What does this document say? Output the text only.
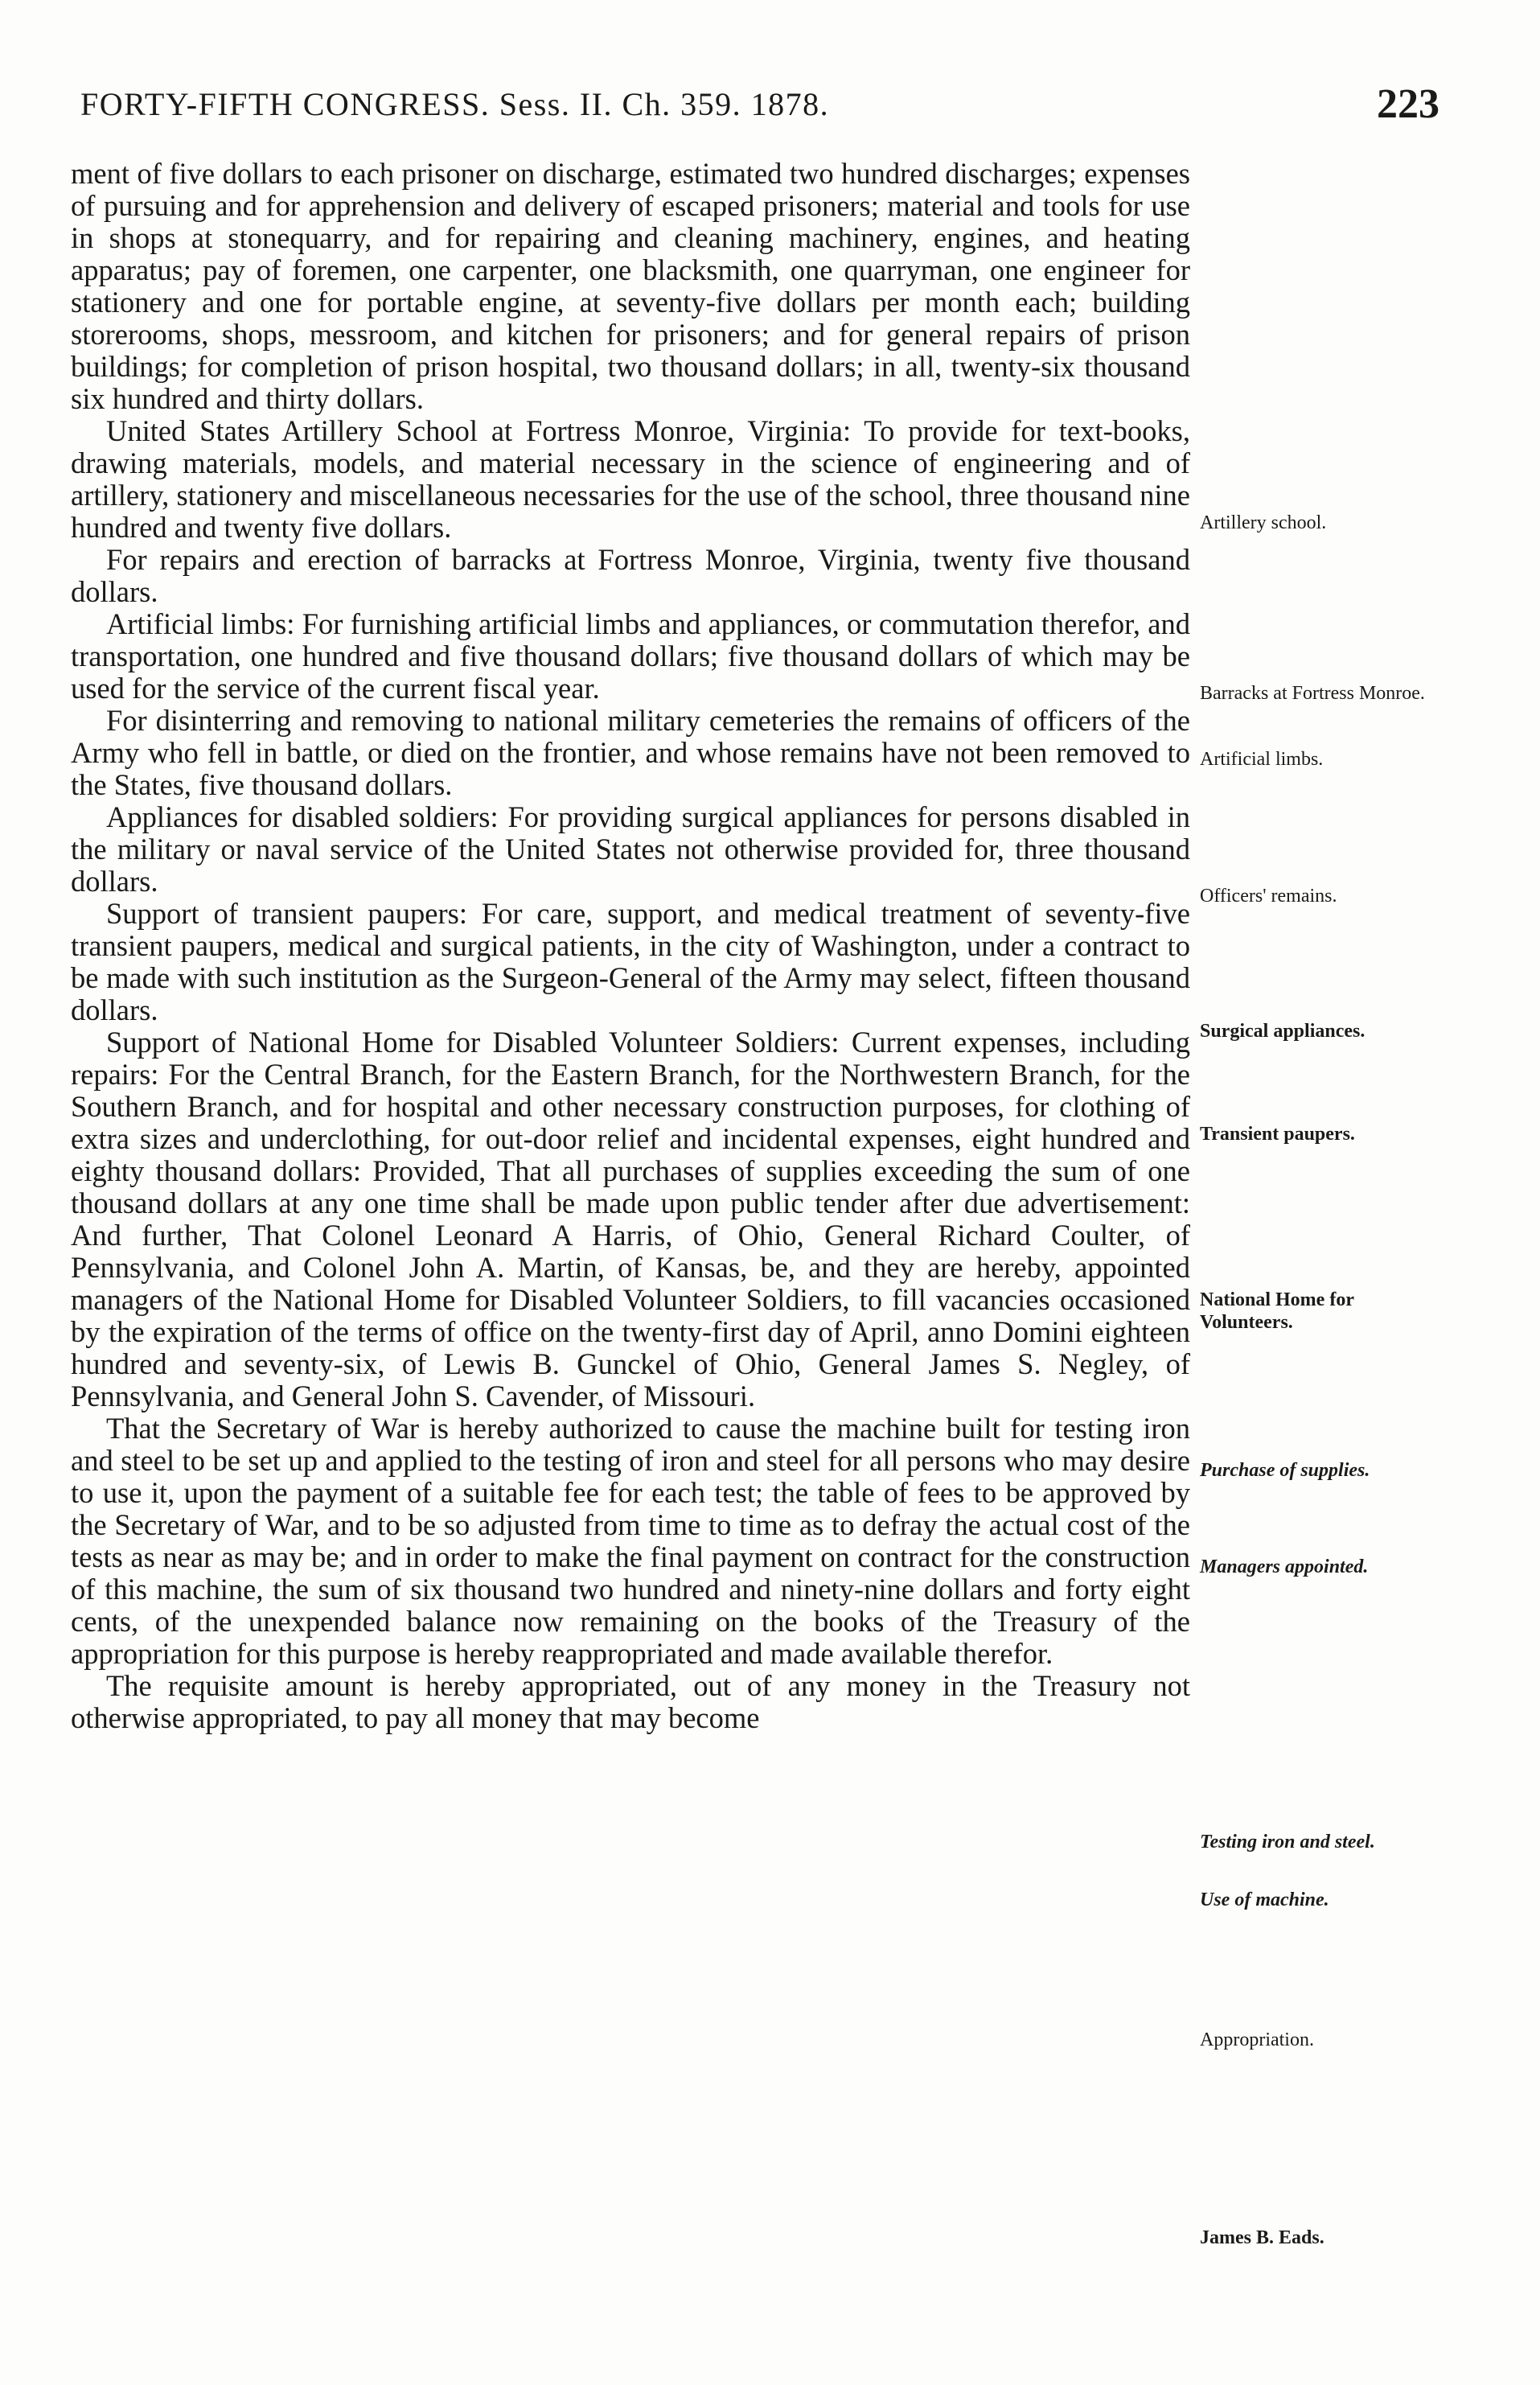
FORTY-FIFTH CONGRESS. Sess. II. Ch. 359. 1878.	223

ment of five dollars to each prisoner on discharge, estimated two hundred discharges; expenses of pursuing and for apprehension and delivery of escaped prisoners; material and tools for use in shops at stonequarry, and for repairing and cleaning machinery, engines, and heating apparatus; pay of foremen, one carpenter, one blacksmith, one quarryman, one engineer for stationery and one for portable engine, at seventy-five dollars per month each; building storerooms, shops, messroom, and kitchen for prisoners; and for general repairs of prison buildings; for completion of prison hospital, two thousand dollars; in all, twenty-six thousand six hundred and thirty dollars.

United States Artillery School at Fortress Monroe, Virginia: To provide for text-books, drawing materials, models, and material necessary in the science of engineering and of artillery, stationery and miscellaneous necessaries for the use of the school, three thousand nine hundred and twenty five dollars.

For repairs and erection of barracks at Fortress Monroe, Virginia, twenty five thousand dollars.

Artificial limbs: For furnishing artificial limbs and appliances, or commutation therefor, and transportation, one hundred and five thousand dollars; five thousand dollars of which may be used for the service of the current fiscal year.

For disinterring and removing to national military cemeteries the remains of officers of the Army who fell in battle, or died on the frontier, and whose remains have not been removed to the States, five thousand dollars.

Appliances for disabled soldiers: For providing surgical appliances for persons disabled in the military or naval service of the United States not otherwise provided for, three thousand dollars.

Support of transient paupers: For care, support, and medical treatment of seventy-five transient paupers, medical and surgical patients, in the city of Washington, under a contract to be made with such institution as the Surgeon-General of the Army may select, fifteen thousand dollars.

Support of National Home for Disabled Volunteer Soldiers: Current expenses, including repairs: For the Central Branch, for the Eastern Branch, for the Northwestern Branch, for the Southern Branch, and for hospital and other necessary construction purposes, for clothing of extra sizes and underclothing, for out-door relief and incidental expenses, eight hundred and eighty thousand dollars: Provided, That all purchases of supplies exceeding the sum of one thousand dollars at any one time shall be made upon public tender after due advertisement: And further, That Colonel Leonard A Harris, of Ohio, General Richard Coulter, of Pennsylvania, and Colonel John A. Martin, of Kansas, be, and they are hereby, appointed managers of the National Home for Disabled Volunteer Soldiers, to fill vacancies occasioned by the expiration of the terms of office on the twenty-first day of April, anno Domini eighteen hundred and seventy-six, of Lewis B. Gunckel of Ohio, General James S. Negley, of Pennsylvania, and General John S. Cavender, of Missouri.

That the Secretary of War is hereby authorized to cause the machine built for testing iron and steel to be set up and applied to the testing of iron and steel for all persons who may desire to use it, upon the payment of a suitable fee for each test; the table of fees to be approved by the Secretary of War, and to be so adjusted from time to time as to defray the actual cost of the tests as near as may be; and in order to make the final payment on contract for the construction of this machine, the sum of six thousand two hundred and ninety-nine dollars and forty eight cents, of the unexpended balance now remaining on the books of the Treasury of the appropriation for this purpose is hereby reappropriated and made available therefor.

The requisite amount is hereby appropriated, out of any money in the Treasury not otherwise appropriated, to pay all money that may become

Artillery school.
Barracks at Fortress Monroe.
Artificial limbs.
Officers' remains.
Surgical appliances.
Transient paupers.
National Home for Volunteers.
Purchase of supplies.
Managers appointed.
Testing iron and steel.
Use of machine.
Appropriation.
James B. Eads.
